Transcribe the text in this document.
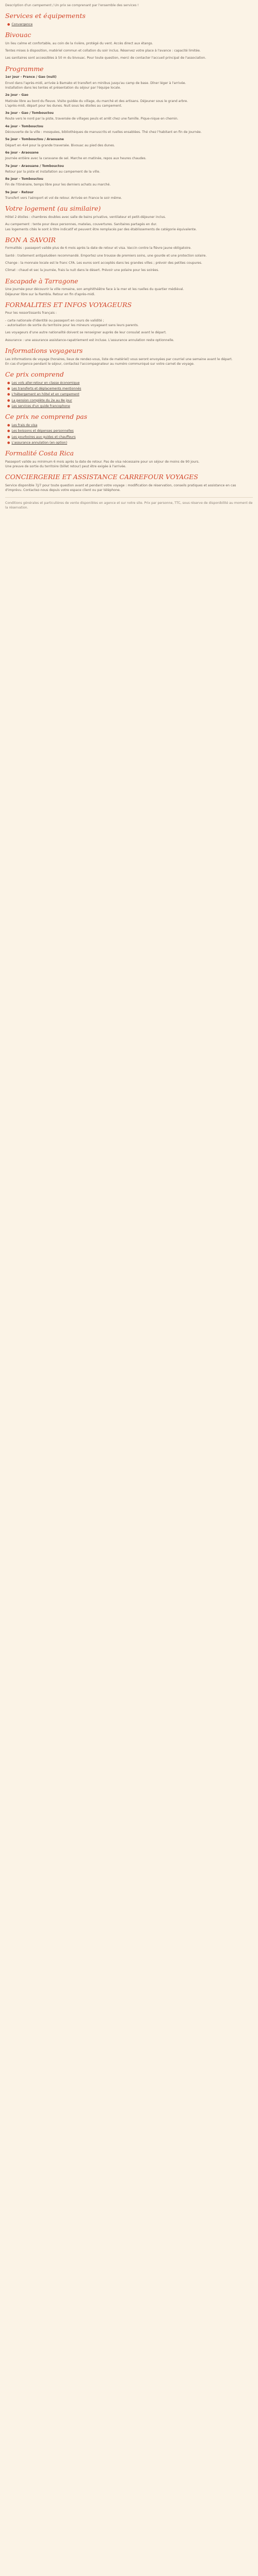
Description d'un campement / Un prix se comprenant par l'ensemble des services !
Services et équipements
● Convergence
Bivouac
Un lieu calme et confortable, au coin de la rivière, protégé du vent. Accès direct aux étangs.
Tentes mises à disposition, matériel commun et collation du soir inclus. Réservez votre place à l'avance : capacité limitée.
Les sanitaires sont accessibles à 50 m du bivouac. Pour toute question, merci de contacter l'accueil principal de l'association.
Programme
1er jour - France / Gao (nuit)
Envol dans l'après-midi, arrivée à Bamako et transfert en minibus jusqu'au camp de base. Dîner léger à l'arrivée.
Installation dans les tentes et présentation du séjour par l'équipe locale.
2e jour - Gao
Matinée libre au bord du fleuve. Visite guidée du village, du marché et des artisans. Déjeuner sous le grand arbre.
L'après-midi, départ pour les dunes. Nuit sous les étoiles au campement.
3e jour - Gao / Tombouctou
Route vers le nord par la piste, traversée de villages peuls et arrêt chez une famille. Pique-nique en chemin.
4e jour - Tombouctou
Découverte de la ville : mosquées, bibliothèques de manuscrits et ruelles ensablées. Thé chez l'habitant en fin de journée.
5e jour - Tombouctou / Araouane
Départ en 4x4 pour la grande traversée. Bivouac au pied des dunes.
6e jour - Araouane
Journée entière avec la caravane de sel. Marche en matinée, repos aux heures chaudes.
7e jour - Araouane / Tombouctou
Retour par la piste et installation au campement de la ville.
8e jour - Tombouctou
Fin de l'itinéraire, temps libre pour les derniers achats au marché.
9e jour - Retour
Transfert vers l'aéroport et vol de retour. Arrivée en France le soir même.
Votre logement (au similaire)
Hôtel 2 étoiles : chambres doubles avec salle de bains privative, ventilateur et petit-déjeuner inclus.
Au campement : tente pour deux personnes, matelas, couvertures. Sanitaires partagés en dur.
Les logements cités le sont à titre indicatif et peuvent être remplacés par des établissements de catégorie équivalente.
BON A SAVOIR
Formalités : passeport valide plus de 6 mois après la date de retour et visa. Vaccin contre la fièvre jaune obligatoire.
Santé : traitement antipaludéen recommandé. Emportez une trousse de premiers soins, une gourde et une protection solaire.
Change : la monnaie locale est le franc CFA. Les euros sont acceptés dans les grandes villes ; prévoir des petites coupures.
Climat : chaud et sec la journée, frais la nuit dans le désert. Prévoir une polaire pour les soirées.
Escapade à Tarragone
Une journée pour découvrir la ville romaine, son amphithéâtre face à la mer et les ruelles du quartier médiéval.
Déjeuner libre sur la Rambla. Retour en fin d'après-midi.
FORMALITES ET INFOS VOYAGEURS
Pour les ressortissants français :
- carte nationale d'identité ou passeport en cours de validité ;
- autorisation de sortie du territoire pour les mineurs voyageant sans leurs parents.
Les voyageurs d'une autre nationalité doivent se renseigner auprès de leur consulat avant le départ.
Assurance : une assurance assistance-rapatriement est incluse. L'assurance annulation reste optionnelle.
Informations voyageurs
Les informations de voyage (horaires, lieux de rendez-vous, liste de matériel) vous seront envoyées par courriel une semaine avant le départ.
En cas d'urgence pendant le séjour, contactez l'accompagnateur au numéro communiqué sur votre carnet de voyage.
Ce prix comprend
● Les vols aller-retour en classe économique
● Les transferts et déplacements mentionnés
● L'hébergement en hôtel et en campement
● La pension complète du 2e au 8e jour
● Les services d'un guide francophone
Ce prix ne comprend pas
● Les frais de visa
● Les boissons et dépenses personnelles
● Les pourboires aux guides et chauffeurs
● L'assurance annulation (en option)
Formalité Costa Rica
Passeport valide au minimum 6 mois après la date de retour. Pas de visa nécessaire pour un séjour de moins de 90 jours.
Une preuve de sortie du territoire (billet retour) peut être exigée à l'arrivée.
CONCIERGERIE ET ASSISTANCE CARREFOUR VOYAGES
Service disponible 7j/7 pour toute question avant et pendant votre voyage : modification de réservation, conseils pratiques et assistance en cas d'imprévu. Contactez-nous depuis votre espace client ou par téléphone.
Conditions générales et particulières de vente disponibles en agence et sur notre site. Prix par personne, TTC, sous réserve de disponibilité au moment de la réservation.
